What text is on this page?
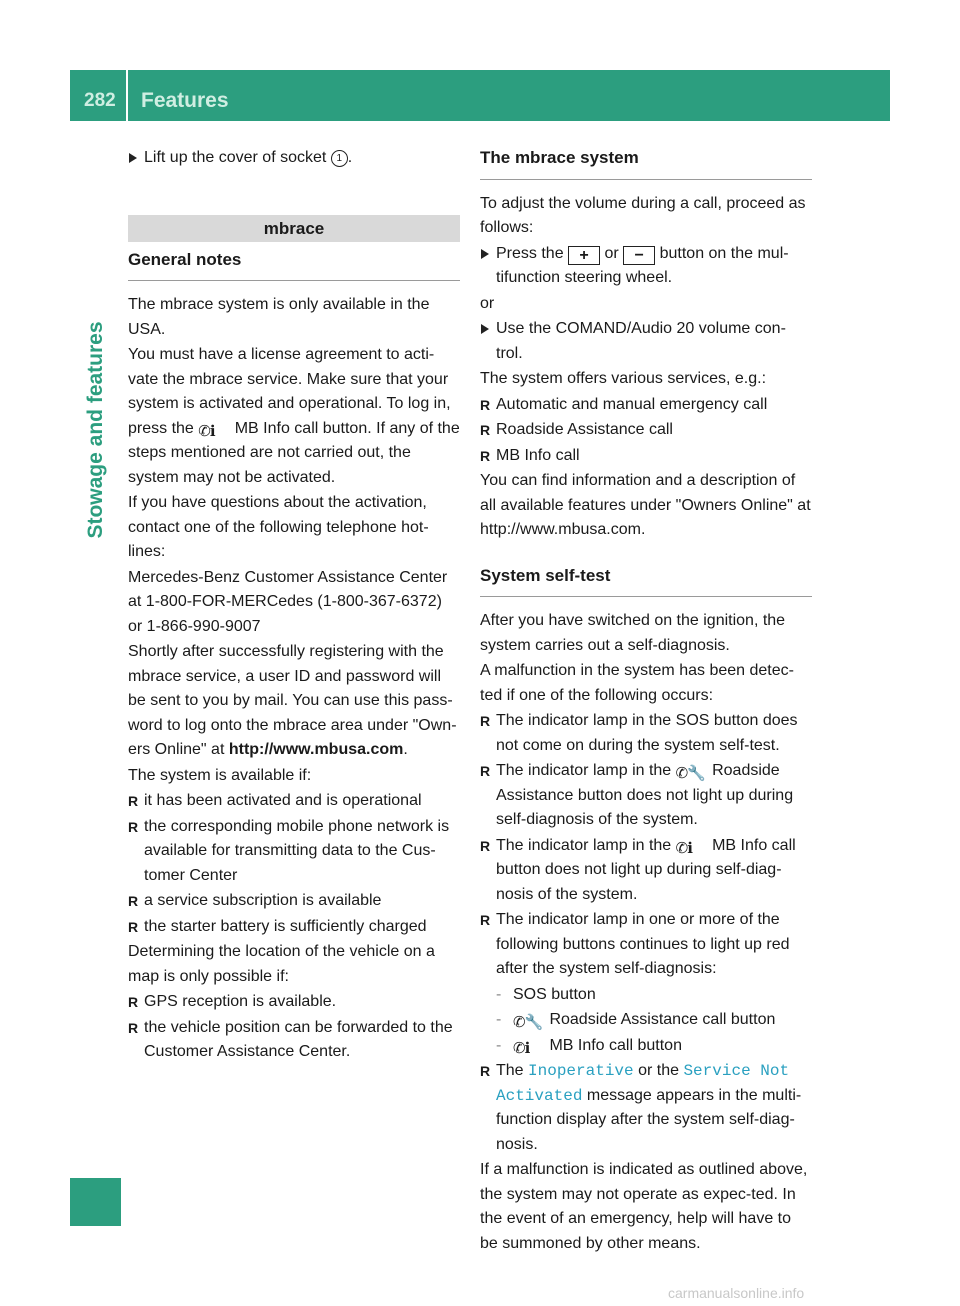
282 Features
Stowage and features
Lift up the cover of socket 1 .
mbrace
General notes

The mbrace system is only available in the USA.

You must have a license agreement to acti-vate the mbrace service. Make sure that your system is activated and operational. To log in, press the ✆ℹ MB Info call button. If any of the steps mentioned are not carried out, the system may not be activated.

If you have questions about the activation, contact one of the following telephone hot-lines:

Mercedes-Benz Customer Assistance Center at 1-800-FOR-MERCedes (1-800-367-6372) or 1-866-990-9007

Shortly after successfully registering with the mbrace service, a user ID and password will be sent to you by mail. You can use this pass-word to log onto the mbrace area under "Own-ers Online" at http://www.mbusa.com.

The system is available if:

R it has been activated and is operational
R the corresponding mobile phone network is available for transmitting data to the Cus-tomer Center
R a service subscription is available
R the starter battery is sufficiently charged

Determining the location of the vehicle on a map is only possible if:

R GPS reception is available.
R the vehicle position can be forwarded to the Customer Assistance Center.
The mbrace system

To adjust the volume during a call, proceed as follows:

Press the + or − button on the mul-tifunction steering wheel.

or

Use the COMAND/Audio 20 volume con-trol.

The system offers various services, e.g.:

R Automatic and manual emergency call
R Roadside Assistance call
R MB Info call

You can find information and a description of all available features under "Owners Online" at http://www.mbusa.com.

System self-test

After you have switched on the ignition, the system carries out a self-diagnosis.

A malfunction in the system has been detec-ted if one of the following occurs:

R The indicator lamp in the SOS button does not come on during the system self-test.
R The indicator lamp in the ✆🔧 Roadside Assistance button does not light up during self-diagnosis of the system.
R The indicator lamp in the ✆ℹ MB Info call button does not light up during self-diag-nosis of the system.
R The indicator lamp in one or more of the following buttons continues to light up red after the system self-diagnosis:
- SOS button
- ✆🔧 Roadside Assistance call button
- ✆ℹ MB Info call button
R The Inoperative or the Service Not Activated message appears in the multi-function display after the system self-diag-nosis.

If a malfunction is indicated as outlined above, the system may not operate as expec-ted. In the event of an emergency, help will have to be summoned by other means.

carmanualsonline.info
